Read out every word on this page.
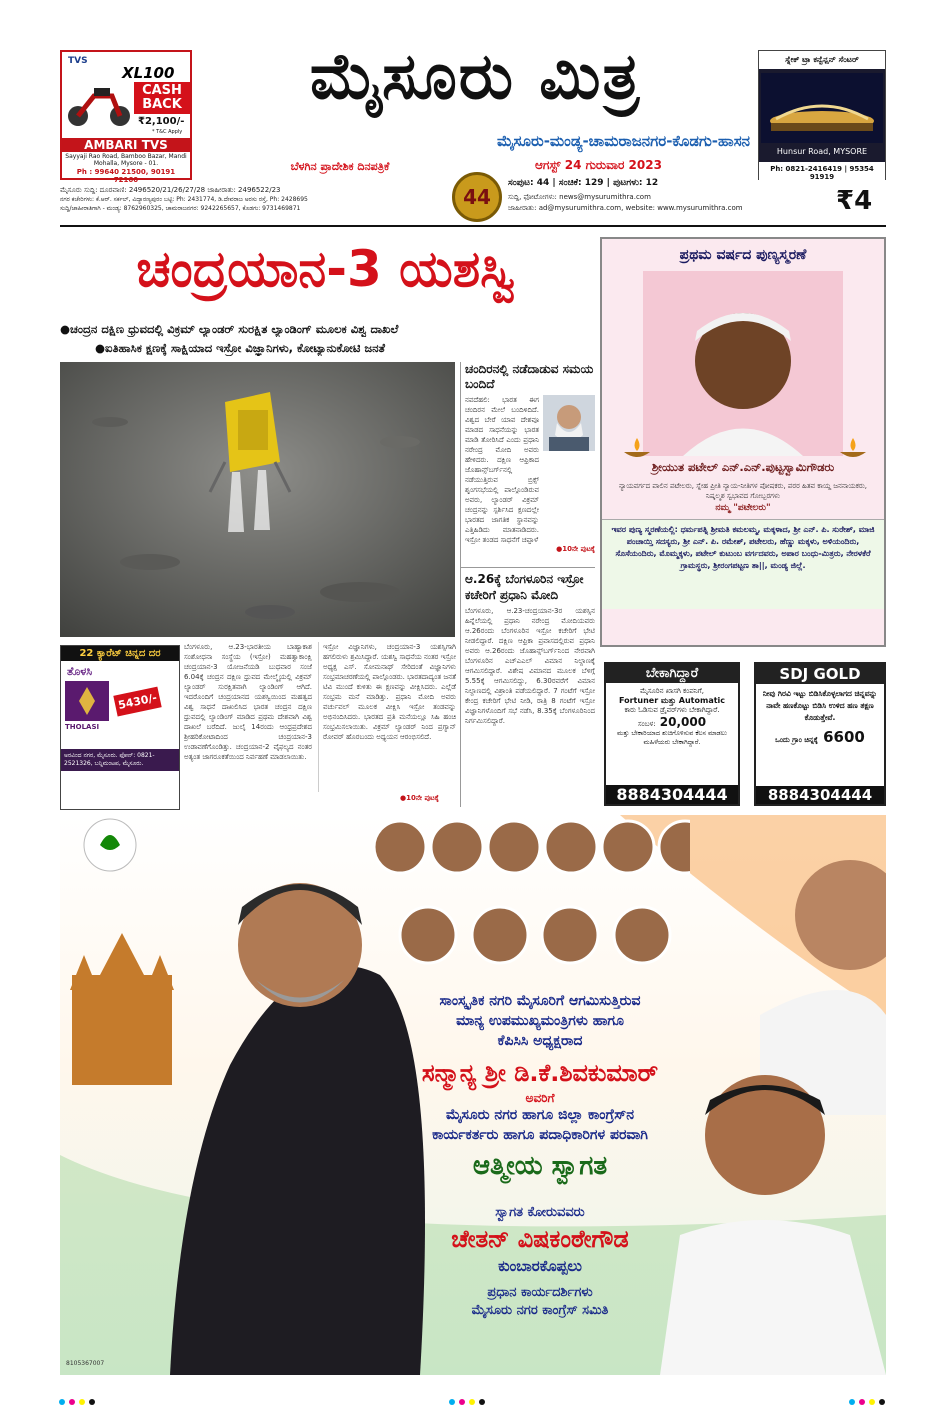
TVS
XL100
CASH BACK
₹2,100/-
* T&C Apply
AMBARI TVS
Sayyaji Rao Road, Bamboo Bazar, Mandi Mohalla, Mysore - 01.
Ph : 99640 21500, 90191 72160
ಮೈಸೂರು ಮಿತ್ರ
ಮೈಸೂರು-ಮಂಡ್ಯ-ಚಾಮರಾಜನಗರ-ಕೊಡಗು-ಹಾಸನ
ಬೆಳಗಿನ ಪ್ರಾದೇಶಿಕ ದಿನಪತ್ರಿಕೆ	ಆಗಸ್ಟ್ 24 ಗುರುವಾರ 2023
44
ಮೈಸೂರು ಸುದ್ದಿ: ದೂರವಾಣಿ: 2496520/21/26/27/28 ಜಾಹೀರಾತು: 2496522/23
ನಗರ ಕಚೇರಿಗಳು: ಕೆ.ಆರ್. ಸರ್ಕಲ್, ವಿದ್ಯಾರಣ್ಯಪುರಂ ಬಟ್ಟಿ: Ph: 2431774, ಡಿ.ದೇವರಾಜ ಅರಸು ರಸ್ತೆ, Ph: 2428695
ಸುದ್ದಿ/ಜಾಹೀರಾತಿಗಾಗಿ - ಮಂಡ್ಯ: 8762960325, ಚಾಮರಾಜನಗರ: 9242265657, ಕೊಡಗು: 9731469871
ಸಂಪುಟ: 44 | ಸಂಚಿಕೆ: 129 | ಪುಟಗಳು: 12
ಸುದ್ದಿ, ಫೋಟೋಗಳು: news@mysurumithra.com
ಜಾಹೀರಾತು: ad@mysurumithra.com, website: www.mysurumithra.com	₹4
ಸ್ನೇಕ್ ಟ್ರಾ ಕನ್ವೆನ್ಷನ್ ಸೆಂಟರ್
Hunsur Road, MYSORE
Ph: 0821-2416419 | 95354 91919
ಚಂದ್ರಯಾನ-3 ಯಶಸ್ವಿ
●ಚಂದ್ರನ ದಕ್ಷಿಣ ಧ್ರುವದಲ್ಲಿ ವಿಕ್ರಮ್ ಲ್ಯಾಂಡರ್ ಸುರಕ್ಷಿತ ಲ್ಯಾಂಡಿಂಗ್ ಮೂಲಕ ವಿಶ್ವ ದಾಖಲೆ
●ಐತಿಹಾಸಿಕ ಕ್ಷಣಕ್ಕೆ ಸಾಕ್ಷಿಯಾದ ಇಸ್ರೋ ವಿಜ್ಞಾನಿಗಳು, ಕೋಟ್ಯಾನುಕೋಟಿ ಜನತೆ
ಚಂದಿರನಲ್ಲಿ ನಡೆದಾಡುವ ಸಮಯ ಬಂದಿದೆ
ನವದೆಹಲಿ: ಭಾರತ ಈಗ ಚಂದಿರನ ಮೇಲೆ ಬಂದಿಳಿದಿದೆ. ವಿಶ್ವದ ಬೇರೆ ಯಾವ ದೇಶವೂ ಮಾಡದ ಸಾಧನೆಯನ್ನು ಭಾರತ ಮಾಡಿ ತೋರಿಸಿದೆ ಎಂದು ಪ್ರಧಾನಿ ನರೇಂದ್ರ ಮೋದಿ ಅವರು ಹೇಳಿದರು. ದಕ್ಷಿಣ ಆಫ್ರಿಕಾದ ಜೊಹಾನ್ಸ್‌ಬರ್ಗ್‌ನಲ್ಲಿ ನಡೆಯುತ್ತಿರುವ ಬ್ರಿಕ್ಸ್ ಶೃಂಗಸಭೆಯಲ್ಲಿ ಪಾಲ್ಗೊಂಡಿರುವ ಅವರು, ಲ್ಯಾಂಡರ್ ವಿಕ್ರಮ್ ಚಂದ್ರನನ್ನು ಸ್ಪರ್ಶಿಸಿದ ಕ್ಷಣದಲ್ಲೇ ಭಾರತದ ಜಾಗತಿಕ ಸ್ಥಾನವನ್ನು ಎತ್ತಿಹಿಡಿದು ಮಾತನಾಡಿದರು. ಇಸ್ರೋ ತಂಡದ ಸಾಧನೆಗೆ ಚಪ್ಪಾಳೆ
●10ನೇ ಪುಟಕ್ಕೆ
ಆ.26ಕ್ಕೆ ಬೆಂಗಳೂರಿನ ಇಸ್ರೋ ಕಚೇರಿಗೆ ಪ್ರಧಾನಿ ಮೋದಿ
ಬೆಂಗಳೂರು, ಆ.23-ಚಂದ್ರಯಾನ-3ರ ಯಶಸ್ಸಿನ ಹಿನ್ನೆಲೆಯಲ್ಲಿ ಪ್ರಧಾನಿ ನರೇಂದ್ರ ಮೋದಿಯವರು ಆ.26ರಂದು ಬೆಂಗಳೂರಿನ ಇಸ್ರೋ ಕಚೇರಿಗೆ ಭೇಟಿ ನೀಡಲಿದ್ದಾರೆ. ದಕ್ಷಿಣ ಆಫ್ರಿಕಾ ಪ್ರವಾಸದಲ್ಲಿರುವ ಪ್ರಧಾನಿ ಅವರು ಆ.26ರಂದು ಜೊಹಾನ್ಸ್‌ಬರ್ಗ್‌ನಿಂದ ನೇರವಾಗಿ ಬೆಂಗಳೂರಿನ ಎಚ್‌ಎಎಲ್ ವಿಮಾನ ನಿಲ್ದಾಣಕ್ಕೆ ಆಗಮಿಸಲಿದ್ದಾರೆ. ವಿಶೇಷ ವಿಮಾನದ ಮೂಲಕ ಬೆಳಿಗ್ಗೆ 5.55ಕ್ಕೆ ಆಗಮಿಸಲಿದ್ದು, 6.30ರವರೆಗೆ ವಿಮಾನ ನಿಲ್ದಾಣದಲ್ಲಿ ವಿಶ್ರಾಂತಿ ಪಡೆಯಲಿದ್ದಾರೆ. 7 ಗಂಟೆಗೆ ಇಸ್ರೋ ಕೇಂದ್ರ ಕಚೇರಿಗೆ ಭೇಟಿ ನೀಡಿ, ರಾತ್ರಿ 8 ಗಂಟೆಗೆ ಇಸ್ರೋ ವಿಜ್ಞಾನಿಗಳೊಂದಿಗೆ ಸಭೆ ನಡೆಸಿ, 8.35ಕ್ಕೆ ಬೆಂಗಳೂರಿನಿಂದ ನಿರ್ಗಮಿಸಲಿದ್ದಾರೆ.
22 ಕ್ಯಾರೆಟ್ ಚಿನ್ನದ ದರ
ತೊಳಸಿ
5430/-
THOLASI
ಅರವಿಂದ ನಗರ, ಮೈಸೂರು. ಫೋನ್: 0821-2521326, ಬನ್ನಿಮಂಟಪ, ಮೈಸೂರು.
ಬೆಂಗಳೂರು, ಆ.23-ಭಾರತೀಯ ಬಾಹ್ಯಾಕಾಶ ಸಂಶೋಧನಾ ಸಂಸ್ಥೆಯ (ಇಸ್ರೋ) ಮಹತ್ವಾಕಾಂಕ್ಷಿ ಚಂದ್ರಯಾನ-3 ಯೋಜನೆಯಡಿ ಬುಧವಾರ ಸಂಜೆ 6.04ಕ್ಕೆ ಚಂದ್ರನ ದಕ್ಷಿಣ ಧ್ರುವದ ಮೇಲ್ಮೈಯಲ್ಲಿ ವಿಕ್ರಮ್ ಲ್ಯಾಂಡರ್ ಸುರಕ್ಷಿತವಾಗಿ ಲ್ಯಾಂಡಿಂಗ್ ಆಗಿದೆ. ಇದರೊಂದಿಗೆ ಚಂದ್ರಯಾನದ ಯಶಸ್ವಿಯಿಂದ ಮಹತ್ವದ ವಿಶ್ವ ಸಾಧನೆ ದಾಖಲಿಸಿದ ಭಾರತ ಚಂದ್ರನ ದಕ್ಷಿಣ ಧ್ರುವದಲ್ಲಿ ಲ್ಯಾಂಡಿಂಗ್ ಮಾಡಿದ ಪ್ರಥಮ ದೇಶವಾಗಿ ವಿಶ್ವ ದಾಖಲೆ ಬರೆದಿದೆ. ಜುಲೈ 14ರಂದು ಆಂಧ್ರಪ್ರದೇಶದ ಶ್ರೀಹರಿಕೋಟಾದಿಂದ ಚಂದ್ರಯಾನ-3 ಉಡಾವಣೆಗೊಂಡಿತ್ತು. ಚಂದ್ರಯಾನ-2 ವೈಫಲ್ಯದ ನಂತರ ಅತ್ಯಂತ ಜಾಗರೂಕತೆಯಿಂದ ನಿರ್ವಹಣೆ ಮಾಡಲಾಯಿತು.
ಇಸ್ರೋ ವಿಜ್ಞಾನಿಗಳು, ಚಂದ್ರಯಾನ-3 ಯಶಸ್ಸಿಗಾಗಿ ಹಗಲಿರುಳು ಶ್ರಮಿಸಿದ್ದಾರೆ. ಯಶಸ್ವಿ ಸಾಧನೆಯ ನಂತರ ಇಸ್ರೋ ಅಧ್ಯಕ್ಷ ಎಸ್. ಸೋಮನಾಥ್ ಸೇರಿದಂತೆ ವಿಜ್ಞಾನಿಗಳು ಸಂಭ್ರಮಾಚರಣೆಯಲ್ಲಿ ಪಾಲ್ಗೊಂಡರು. ಭಾರತದಾದ್ಯಂತ ಜನತೆ ಟಿವಿ ಮುಂದೆ ಕುಳಿತು ಈ ಕ್ಷಣವನ್ನು ವೀಕ್ಷಿಸಿದರು. ಎಲ್ಲೆಡೆ ಸಂಭ್ರಮ ಮನೆ ಮಾಡಿತ್ತು. ಪ್ರಧಾನಿ ಮೋದಿ ಅವರು ವರ್ಚುವಲ್ ಮೂಲಕ ವೀಕ್ಷಿಸಿ ಇಸ್ರೋ ತಂಡವನ್ನು ಅಭಿನಂದಿಸಿದರು. ಭಾರತದ ಪ್ರತಿ ಮನೆಯಲ್ಲೂ ಸಿಹಿ ಹಂಚಿ ಸಂಭ್ರಮಿಸಲಾಯಿತು. ವಿಕ್ರಮ್ ಲ್ಯಾಂಡರ್ ನಿಂದ ಪ್ರಗ್ಯಾನ್ ರೋವರ್ ಹೊರಬಂದು ಅಧ್ಯಯನ ಆರಂಭಿಸಲಿದೆ.
●10ನೇ ಪುಟಕ್ಕೆ
ಪ್ರಥಮ ವರ್ಷದ ಪುಣ್ಯಸ್ಮರಣೆ
ಶ್ರೀಯುತ ಪಟೇಲ್ ಎನ್.ಎನ್.ಪುಟ್ಟಸ್ವಾಮಿಗೌಡರು
ನ್ಯಾಯವರ್ಗದ ಪಾಲಿನ ಪಟೇಲರು, ಸ್ನೇಹ ಪ್ರೀತಿ ನ್ಯಾಯ-ನೀತಿಗಳ ಪೋಷಕರು, ಪರರ ಹಿತವ ಕಾಯ್ದ ಜನನಾಯಕರು, ನಿಷ್ಕಲ್ಮಶ ಸ್ವಭಾವದ ಗೋಬ್ಬರಗಳು
ನಮ್ಮ "ಪಟೇಲರು"
ಇವರ ಪುಣ್ಯ ಸ್ಮರಣೆಯಲ್ಲಿ: ಧರ್ಮಪತ್ನಿ ಶ್ರೀಮತಿ ಕಮಲಮ್ಮ, ಮಕ್ಕಳಾದ, ಶ್ರೀ ಎನ್. ಪಿ. ಸುರೇಶ್, ಮಾಜಿ ಪಂಚಾಯ್ತಿ ಸದಸ್ಯರು, ಶ್ರೀ ಎನ್. ಪಿ. ರಮೇಶ್, ಪಟೇಲರು, ಹೆಣ್ಣು ಮಕ್ಕಳು, ಅಳಿಯಂದಿರು, ಸೊಸೆಯಂದಿರು, ಮೊಮ್ಮಕ್ಕಳು, ಪಟೇಲ್ ಕುಟುಂಬ ವರ್ಗದವರು, ಅಪಾರ ಬಂಧು-ಮಿತ್ರರು, ನೇರಳಕೆರೆ ಗ್ರಾಮಸ್ಥರು, ಶ್ರೀರಂಗಪಟ್ಟಣ ತಾ||, ಮಂಡ್ಯ ಜಿಲ್ಲೆ.
ಬೇಕಾಗಿದ್ದಾರೆ
ಮೈಸೂರಿನ ಖಾಸಗಿ ಕಂಪನಿಗೆ,
Fortuner ಮತ್ತು Automatic
ಕಾರು ಓಡಿಸುವ ಡ್ರೈವರ್‌ಗಳು ಬೇಕಾಗಿದ್ದಾರೆ.
ಸಂಬಳ: 20,000
ಮತ್ತು ಬೇಕಾರಿಯಾದ ಶುಚಿಗೊಳಿಸುವ ಕೆಲಸ ಮಾಡಲು ಮಹಿಳೆಯರು ಬೇಕಾಗಿದ್ದಾರೆ.
8884304444
SDJ GOLD
ನೀವು ಗಿರವಿ ಇಟ್ಟು ಬಿಡಿಸಿಕೊಳ್ಳಲಾಗದ ಚಿನ್ನವನ್ನು ನಾವೇ ಹಣಕೊಟ್ಟು ಬಿಡಿಸಿ ಉಳಿದ ಹಣ ತಕ್ಷಣ ಕೊಡುತ್ತೇವೆ.
ಒಂದು ಗ್ರಾಂ ಚಿನ್ನಕ್ಕೆ 6600
8884304444
ಸಾಂಸ್ಕೃತಿಕ ನಗರಿ ಮೈಸೂರಿಗೆ ಆಗಮಿಸುತ್ತಿರುವ
ಮಾನ್ಯ ಉಪಮುಖ್ಯಮಂತ್ರಿಗಳು ಹಾಗೂ
ಕೆಪಿಸಿಸಿ ಅಧ್ಯಕ್ಷರಾದ
ಸನ್ಮಾನ್ಯ ಶ್ರೀ ಡಿ.ಕೆ.ಶಿವಕುಮಾರ್
ಅವರಿಗೆ
ಮೈಸೂರು ನಗರ ಹಾಗೂ ಜಿಲ್ಲಾ ಕಾಂಗ್ರೆಸ್‌ನ
ಕಾರ್ಯಕರ್ತರು ಹಾಗೂ ಪದಾಧಿಕಾರಿಗಳ ಪರವಾಗಿ
ಆತ್ಮೀಯ ಸ್ವಾಗತ
ಸ್ವಾಗತ ಕೋರುವವರು
ಚೇತನ್ ವಿಷಕಂಠೇಗೌಡ
ಕುಂಬಾರಕೊಪ್ಪಲು
ಪ್ರಧಾನ ಕಾರ್ಯದರ್ಶಿಗಳು
ಮೈಸೂರು ನಗರ ಕಾಂಗ್ರೆಸ್ ಸಮಿತಿ
8105367007
